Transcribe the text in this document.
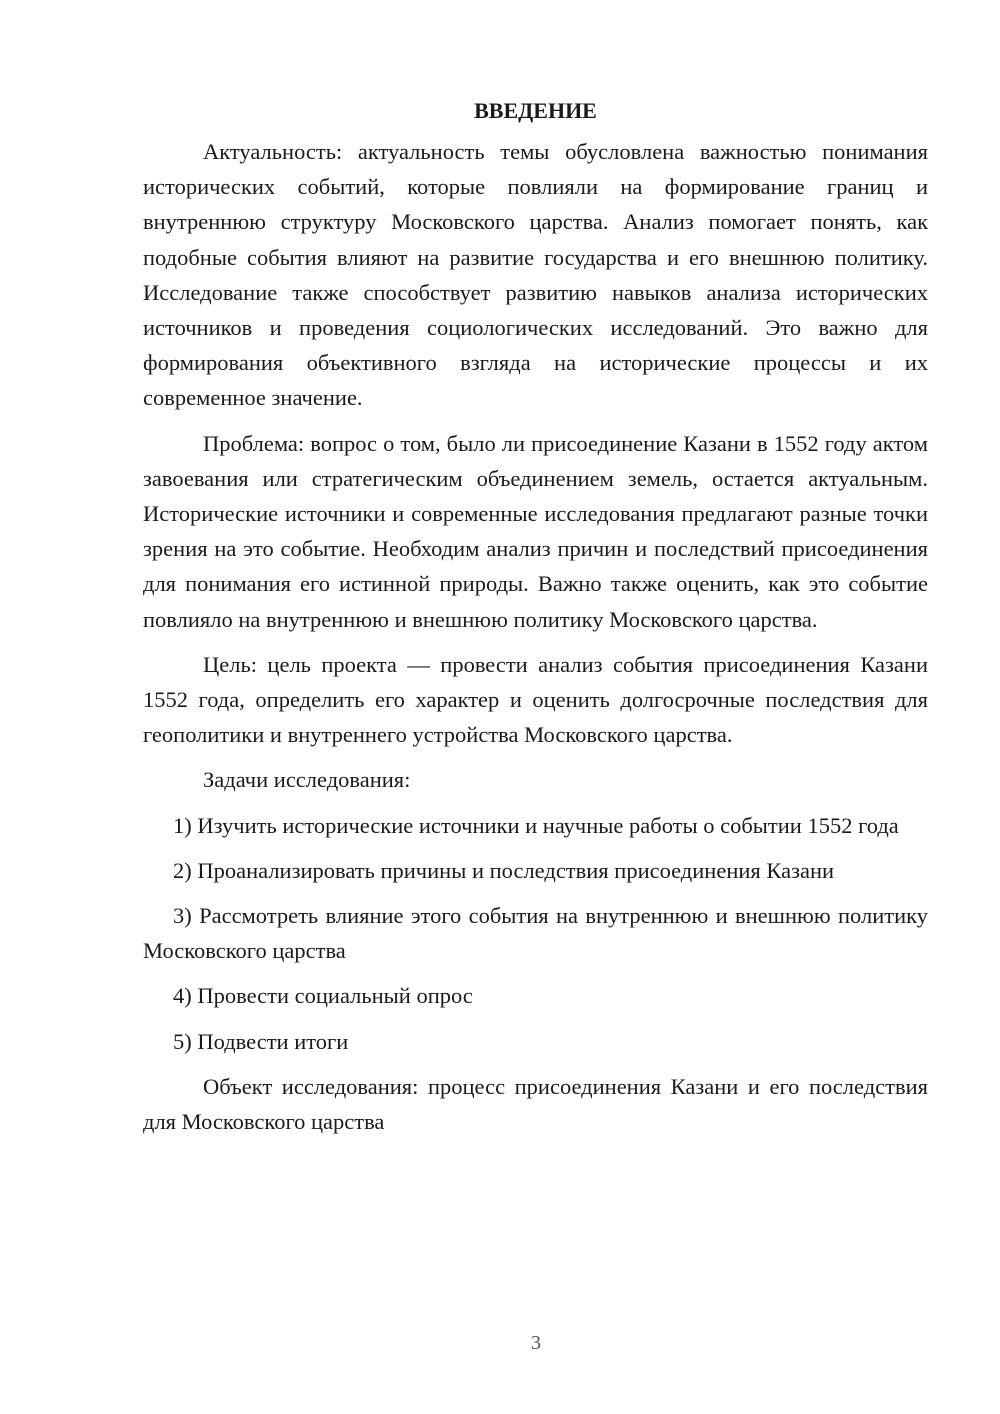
ВВЕДЕНИЕ

Актуальность: актуальность темы обусловлена важностью понимания исторических событий, которые повлияли на формирование границ и внутреннюю структуру Московского царства. Анализ помогает понять, как подобные события влияют на развитие государства и его внешнюю политику. Исследование также способствует развитию навыков анализа исторических источников и проведения социологических исследований. Это важно для формирования объективного взгляда на исторические процессы и их современное значение.

Проблема: вопрос о том, было ли присоединение Казани в 1552 году актом завоевания или стратегическим объединением земель, остается актуальным. Исторические источники и современные исследования предлагают разные точки зрения на это событие. Необходим анализ причин и последствий присоединения для понимания его истинной природы. Важно также оценить, как это событие повлияло на внутреннюю и внешнюю политику Московского царства.

Цель: цель проекта — провести анализ события присоединения Казани 1552 года, определить его характер и оценить долгосрочные последствия для геополитики и внутреннего устройства Московского царства.

Задачи исследования:

1) Изучить исторические источники и научные работы о событии 1552 года

2) Проанализировать причины и последствия присоединения Казани

3) Рассмотреть влияние этого события на внутреннюю и внешнюю политику Московского царства

4) Провести социальный опрос

5) Подвести итоги

Объект исследования: процесс присоединения Казани и его последствия для Московского царства

3
